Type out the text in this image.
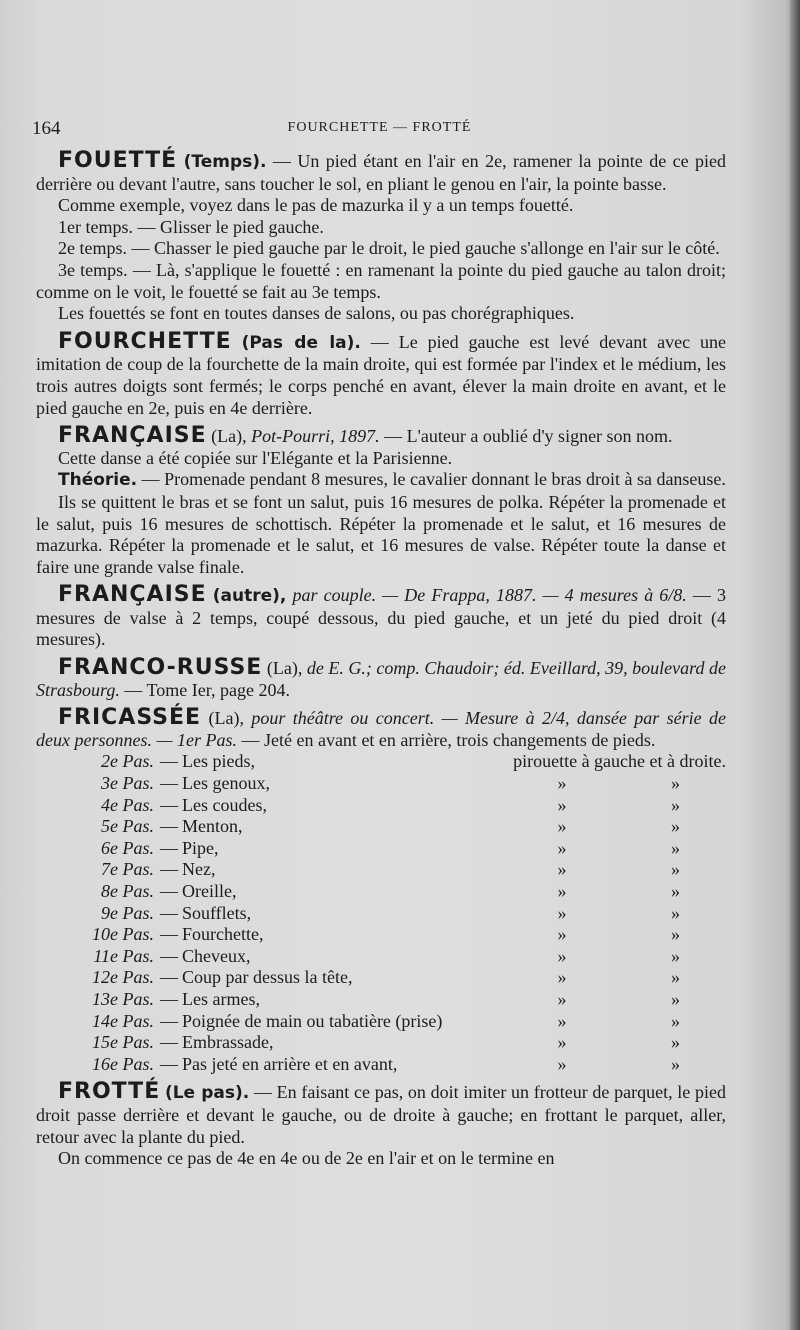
164	FOURCHETTE — FROTTÉ

FOUETTÉ (Temps). — Un pied étant en l'air en 2e, ramener la pointe de ce pied derrière ou devant l'autre, sans toucher le sol, en pliant le genou en l'air, la pointe basse.

Comme exemple, voyez dans le pas de mazurka il y a un temps fouetté.

1er temps. — Glisser le pied gauche.

2e temps. — Chasser le pied gauche par le droit, le pied gauche s'allonge en l'air sur le côté.

3e temps. — Là, s'applique le fouetté : en ramenant la pointe du pied gauche au talon droit; comme on le voit, le fouetté se fait au 3e temps.

Les fouettés se font en toutes danses de salons, ou pas chorégraphiques.

FOURCHETTE (Pas de la). — Le pied gauche est levé devant avec une imitation de coup de la fourchette de la main droite, qui est formée par l'index et le médium, les trois autres doigts sont fermés; le corps penché en avant, élever la main droite en avant, et le pied gauche en 2e, puis en 4e derrière.

FRANÇAISE (La), Pot-Pourri, 1897. — L'auteur a oublié d'y signer son nom.

Cette danse a été copiée sur l'Elégante et la Parisienne.

Théorie. — Promenade pendant 8 mesures, le cavalier donnant le bras droit à sa danseuse.

Ils se quittent le bras et se font un salut, puis 16 mesures de polka. Répéter la promenade et le salut, puis 16 mesures de schottisch. Répéter la promenade et le salut, et 16 mesures de mazurka. Répéter la promenade et le salut, et 16 mesures de valse. Répéter toute la danse et faire une grande valse finale.

FRANÇAISE (autre), par couple. — De Frappa, 1887. — 4 mesures à 6/8. — 3 mesures de valse à 2 temps, coupé dessous, du pied gauche, et un jeté du pied droit (4 mesures).

FRANCO-RUSSE (La), de E. G.; comp. Chaudoir; éd. Eveillard, 39, boulevard de Strasbourg. — Tome Ier, page 204.

FRICASSÉE (La), pour théâtre ou concert. — Mesure à 2/4, dansée par série de deux personnes. — 1er Pas. — Jeté en avant et en arrière, trois changements de pieds.

2e Pas.	—	Les pieds,	pirouette à gauche et à droite.	
3e Pas.	—	Les genoux,	»	»
4e Pas.	—	Les coudes,	»	»
5e Pas.	—	Menton,	»	»
6e Pas.	—	Pipe,	»	»
7e Pas.	—	Nez,	»	»
8e Pas.	—	Oreille,	»	»
9e Pas.	—	Soufflets,	»	»
10e Pas.	—	Fourchette,	»	»
11e Pas.	—	Cheveux,	»	»
12e Pas.	—	Coup par dessus la tête,	»	»
13e Pas.	—	Les armes,	»	»
14e Pas.	—	Poignée de main ou tabatière (prise)	»	»
15e Pas.	—	Embrassade,	»	»
16e Pas.	—	Pas jeté en arrière et en avant,	»	»

FROTTÉ (Le pas). — En faisant ce pas, on doit imiter un frotteur de parquet, le pied droit passe derrière et devant le gauche, ou de droite à gauche; en frottant le parquet, aller, retour avec la plante du pied.

On commence ce pas de 4e en 4e ou de 2e en l'air et on le termine en
